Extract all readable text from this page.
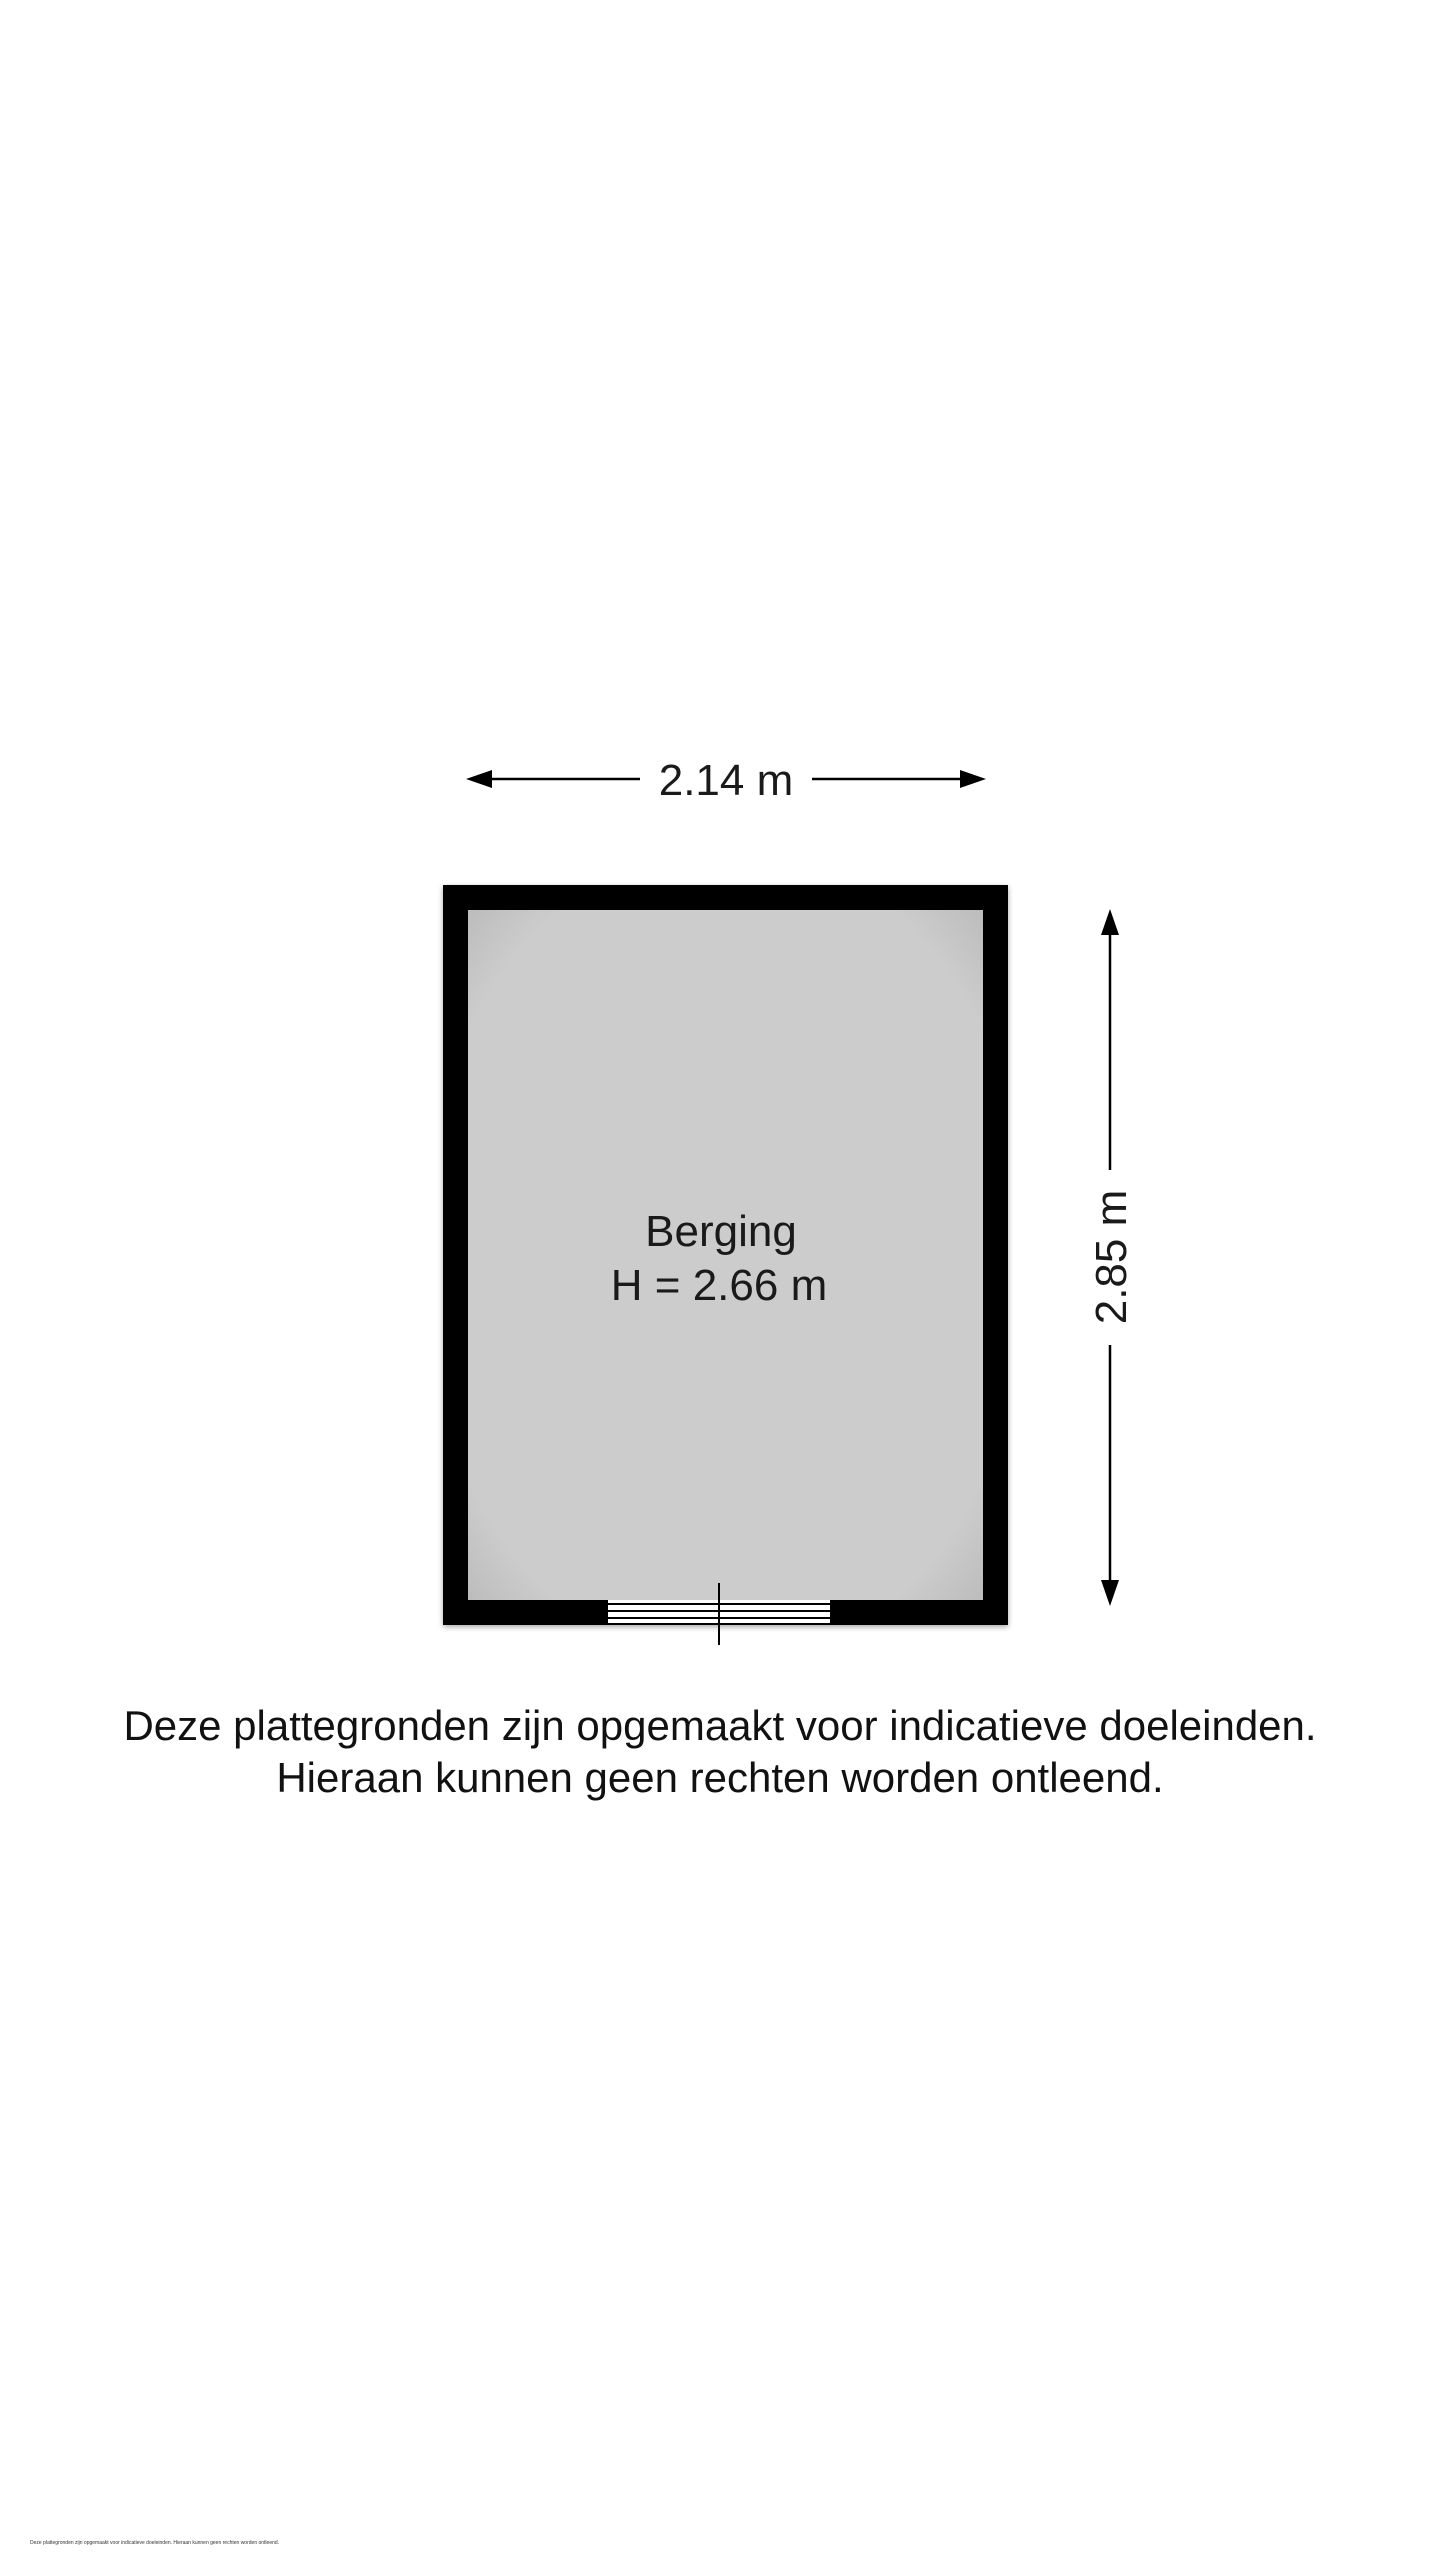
2.14 m
Berging
H = 2.66 m	2.85 m
Deze plattegronden zijn opgemaakt voor indicatieve doeleinden.
Hieraan kunnen geen rechten worden ontleend.
Deze plattegronden zijn opgemaakt voor indicatieve doeleinden. Hieraan kunnen geen rechten worden ontleend.
